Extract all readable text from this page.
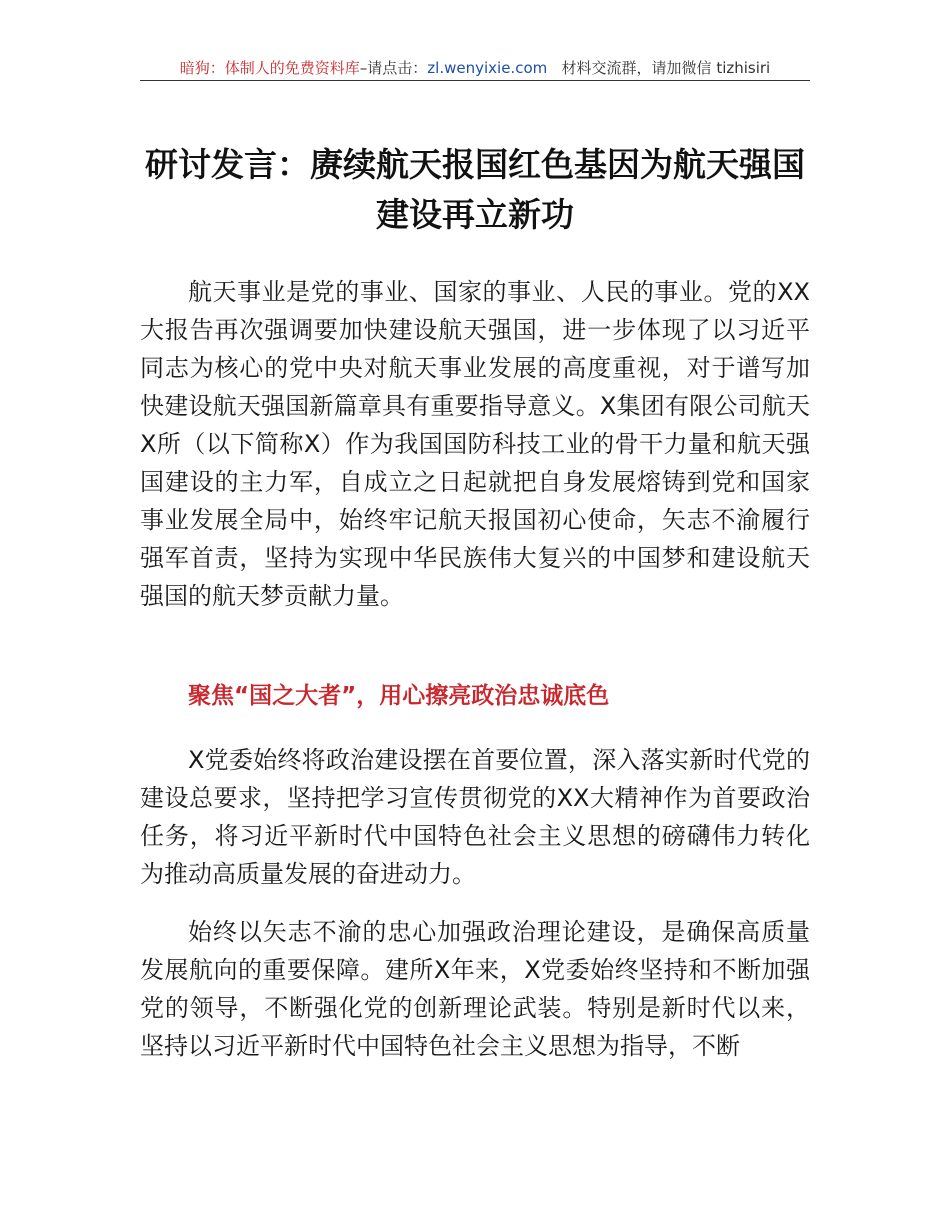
暗狗：体制人的免费资料库–请点击：zl.wenyixie.com 材料交流群，请加微信 tizhisiri
研讨发言：赓续航天报国红色基因为航天强国建设再立新功

航天事业是党的事业、国家的事业、人民的事业。党的XX大报告再次强调要加快建设航天强国，进一步体现了以习近平同志为核心的党中央对航天事业发展的高度重视，对于谱写加快建设航天强国新篇章具有重要指导意义。X集团有限公司航天X所（以下简称X）作为我国国防科技工业的骨干力量和航天强国建设的主力军，自成立之日起就把自身发展熔铸到党和国家事业发展全局中，始终牢记航天报国初心使命，矢志不渝履行强军首责，坚持为实现中华民族伟大复兴的中国梦和建设航天强国的航天梦贡献力量。

聚焦“国之大者”，用心擦亮政治忠诚底色

X党委始终将政治建设摆在首要位置，深入落实新时代党的建设总要求，坚持把学习宣传贯彻党的XX大精神作为首要政治任务，将习近平新时代中国特色社会主义思想的磅礴伟力转化为推动高质量发展的奋进动力。

始终以矢志不渝的忠心加强政治理论建设，是确保高质量发展航向的重要保障。建所X年来，X党委始终坚持和不断加强党的领导，不断强化党的创新理论武装。特别是新时代以来，坚持以习近平新时代中国特色社会主义思想为指导，不断
